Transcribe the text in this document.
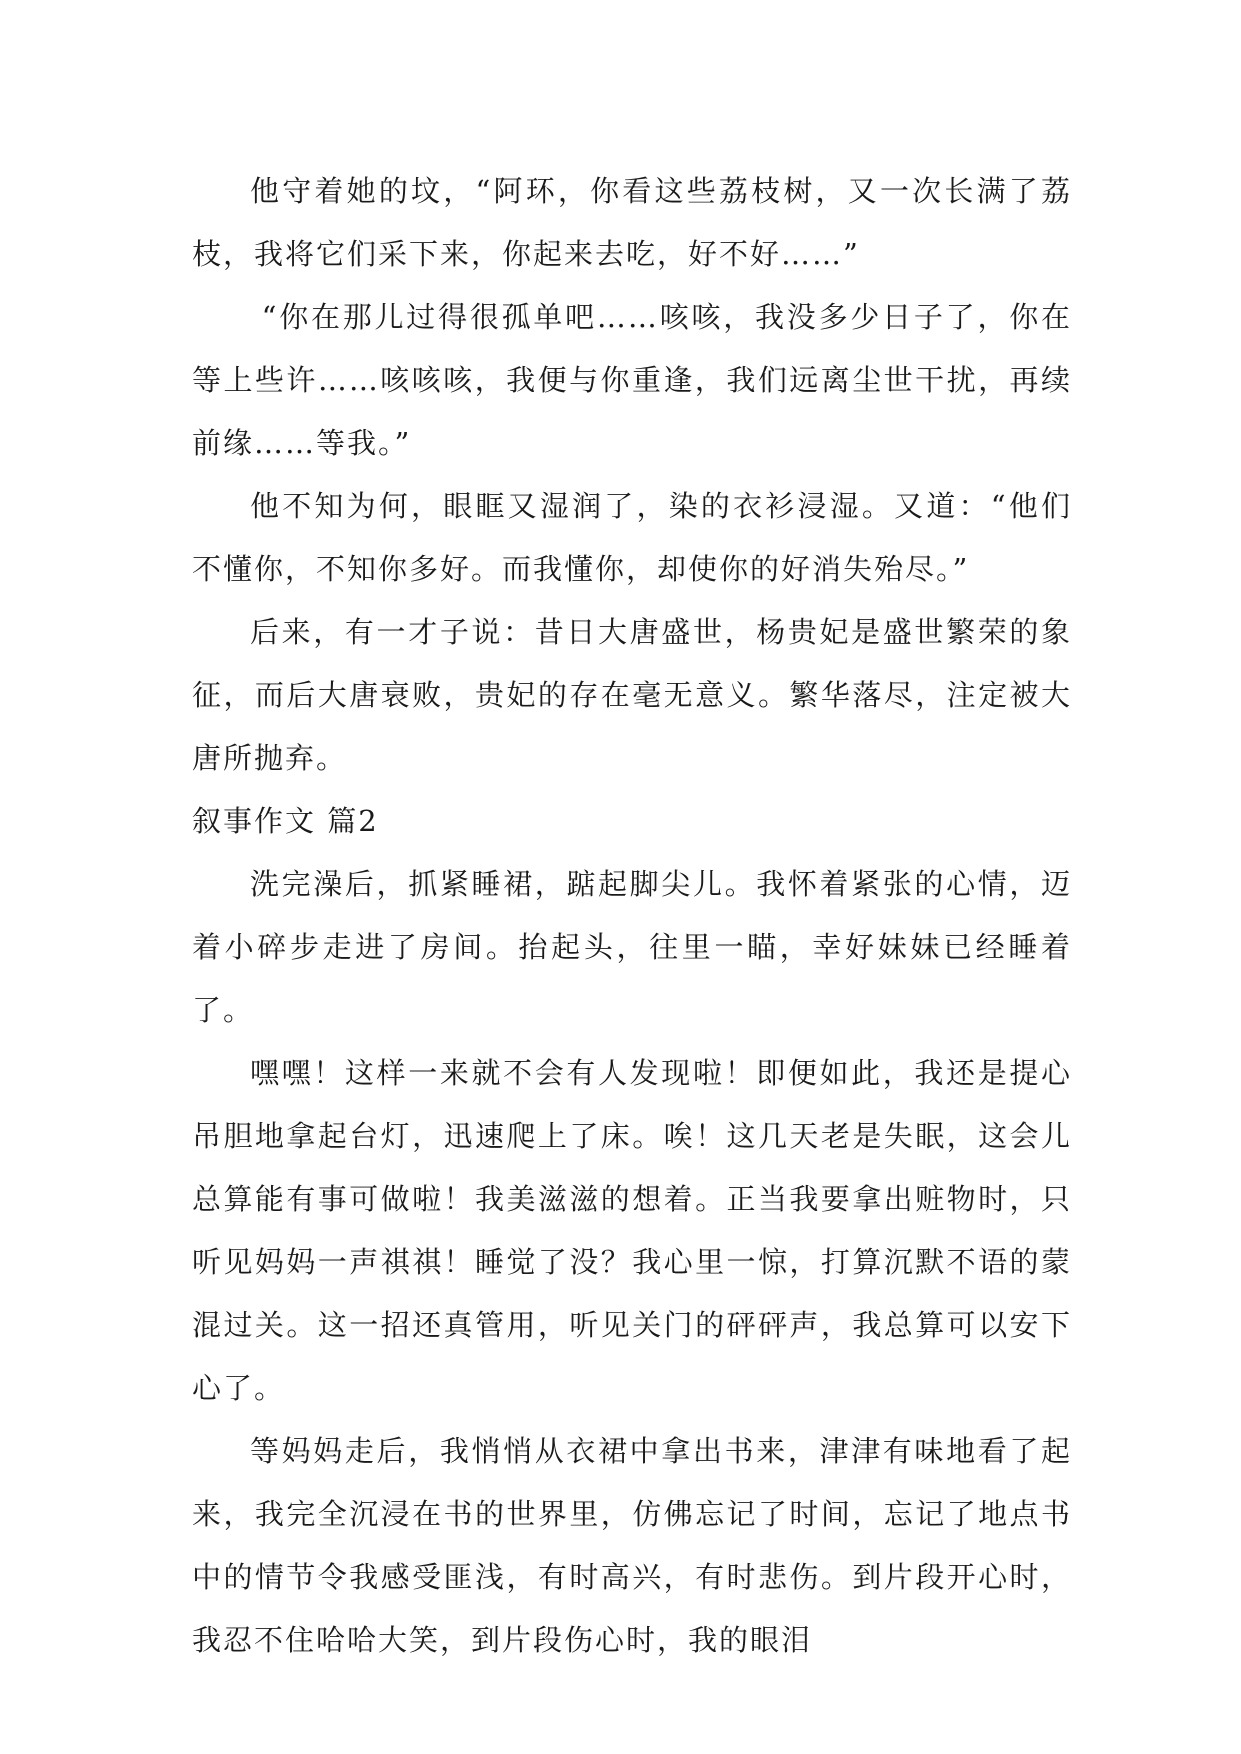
他守着她的坟，“阿环，你看这些荔枝树，又一次长满了荔枝，我将它们采下来，你起来去吃，好不好……”

“你在那儿过得很孤单吧……咳咳，我没多少日子了，你在等上些许……咳咳咳，我便与你重逢，我们远离尘世干扰，再续前缘……等我。”

他不知为何，眼眶又湿润了，染的衣衫浸湿。又道：“他们不懂你，不知你多好。而我懂你，却使你的好消失殆尽。”

后来，有一才子说：昔日大唐盛世，杨贵妃是盛世繁荣的象征，而后大唐衰败，贵妃的存在毫无意义。繁华落尽，注定被大唐所抛弃。

叙事作文 篇2

洗完澡后，抓紧睡裙，踮起脚尖儿。我怀着紧张的心情，迈着小碎步走进了房间。抬起头，往里一瞄，幸好妹妹已经睡着了。

嘿嘿！这样一来就不会有人发现啦！即便如此，我还是提心吊胆地拿起台灯，迅速爬上了床。唉！这几天老是失眠，这会儿总算能有事可做啦！我美滋滋的想着。正当我要拿出赃物时，只听见妈妈一声祺祺！睡觉了没？我心里一惊，打算沉默不语的蒙混过关。这一招还真管用，听见关门的砰砰声，我总算可以安下心了。

等妈妈走后，我悄悄从衣裙中拿出书来，津津有味地看了起来，我完全沉浸在书的世界里，仿佛忘记了时间，忘记了地点书中的情节令我感受匪浅，有时高兴，有时悲伤。到片段开心时，我忍不住哈哈大笑，到片段伤心时，我的眼泪
